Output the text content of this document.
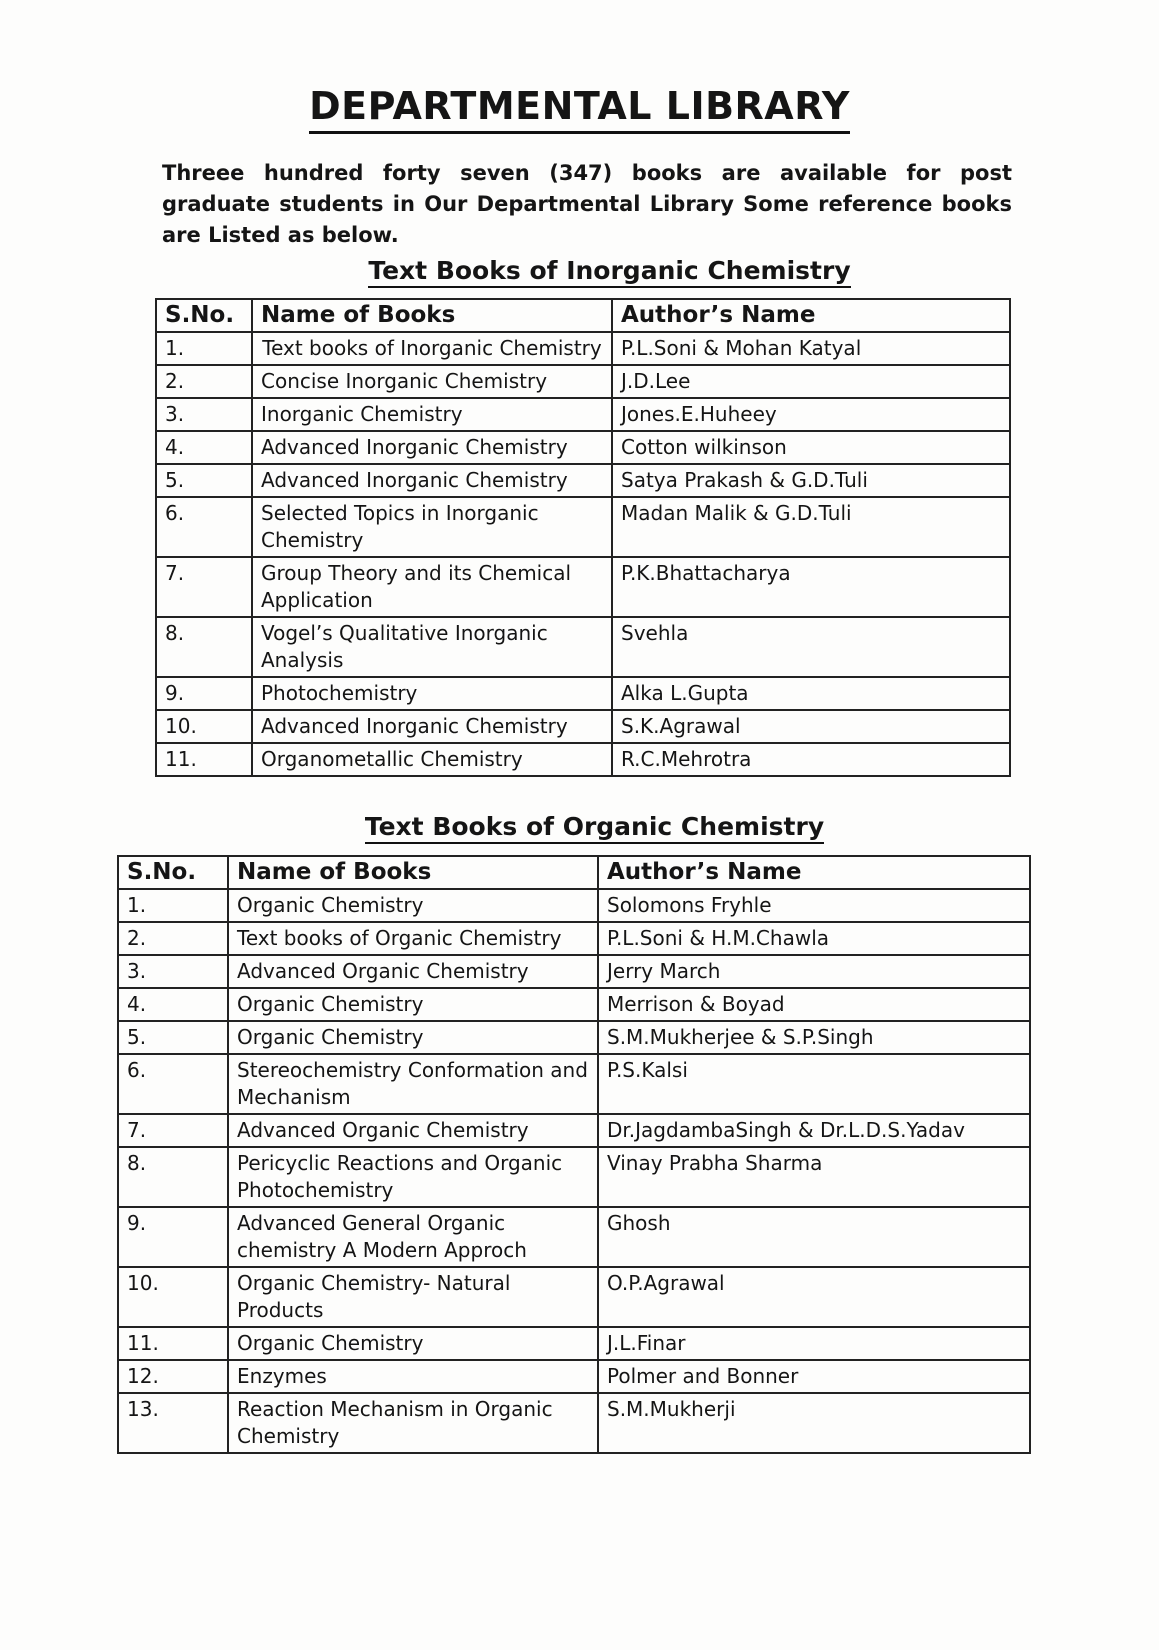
DEPARTMENTAL LIBRARY
Threee hundred forty seven (347) books are available for post graduate students in Our Departmental Library Some reference books are Listed as below.
Text Books of Inorganic Chemistry
S.No.	Name of Books	Author’s Name
1.	Text books of Inorganic Chemistry	P.L.Soni & Mohan Katyal
2.	Concise Inorganic Chemistry	J.D.Lee
3.	Inorganic Chemistry	Jones.E.Huheey
4.	Advanced Inorganic Chemistry	Cotton wilkinson
5.	Advanced Inorganic Chemistry	Satya Prakash & G.D.Tuli
6.	Selected Topics in Inorganic Chemistry	Madan Malik & G.D.Tuli
7.	Group Theory and its Chemical Application	P.K.Bhattacharya
8.	Vogel’s Qualitative Inorganic Analysis	Svehla
9.	Photochemistry	Alka L.Gupta
10.	Advanced Inorganic Chemistry	S.K.Agrawal
11.	Organometallic Chemistry	R.C.Mehrotra
Text Books of Organic Chemistry
S.No.	Name of Books	Author’s Name
1.	Organic Chemistry	Solomons Fryhle
2.	Text books of Organic Chemistry	P.L.Soni & H.M.Chawla
3.	Advanced Organic Chemistry	Jerry March
4.	Organic Chemistry	Merrison & Boyad
5.	Organic Chemistry	S.M.Mukherjee & S.P.Singh
6.	Stereochemistry Conformation and Mechanism	P.S.Kalsi
7.	Advanced Organic Chemistry	Dr.JagdambaSingh & Dr.L.D.S.Yadav
8.	Pericyclic Reactions and Organic Photochemistry	Vinay Prabha Sharma
9.	Advanced General Organic chemistry A Modern Approch	Ghosh
10.	Organic Chemistry- Natural Products	O.P.Agrawal
11.	Organic Chemistry	J.L.Finar
12.	Enzymes	Polmer and Bonner
13.	Reaction Mechanism in Organic Chemistry	S.M.Mukherji
